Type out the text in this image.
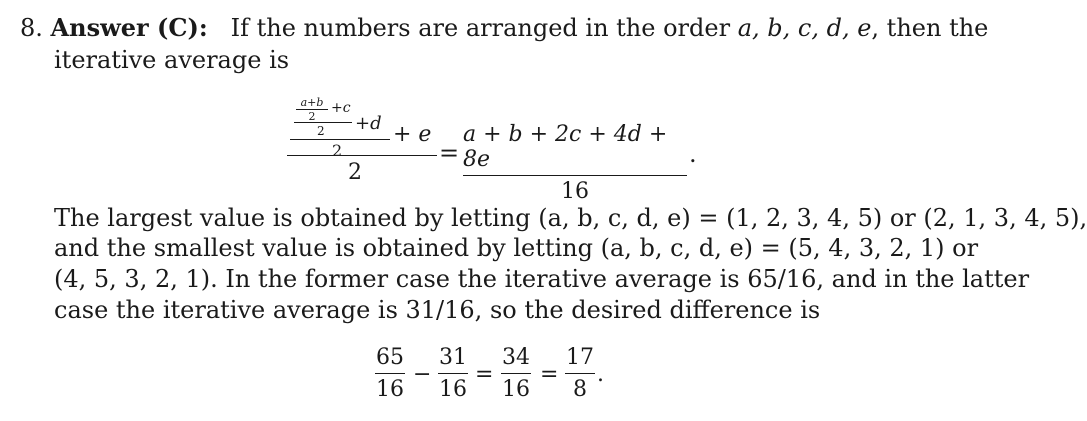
8. Answer (C): If the numbers are arranged in the order a, b, c, d, e, then the
iterative average is
a+b
2
+c
2 +d
2
+ e
2
=
a + b + 2c + 4d + 8e
16
.
The largest value is obtained by letting (a, b, c, d, e) = (1, 2, 3, 4, 5) or (2, 1, 3, 4, 5),
and the smallest value is obtained by letting (a, b, c, d, e) = (5, 4, 3, 2, 1) or
(4, 5, 3, 2, 1). In the former case the iterative average is 65/16, and in the latter
case the iterative average is 31/16, so the desired difference is
65
16
−
31
16
=
34
16
=
17
8
.
